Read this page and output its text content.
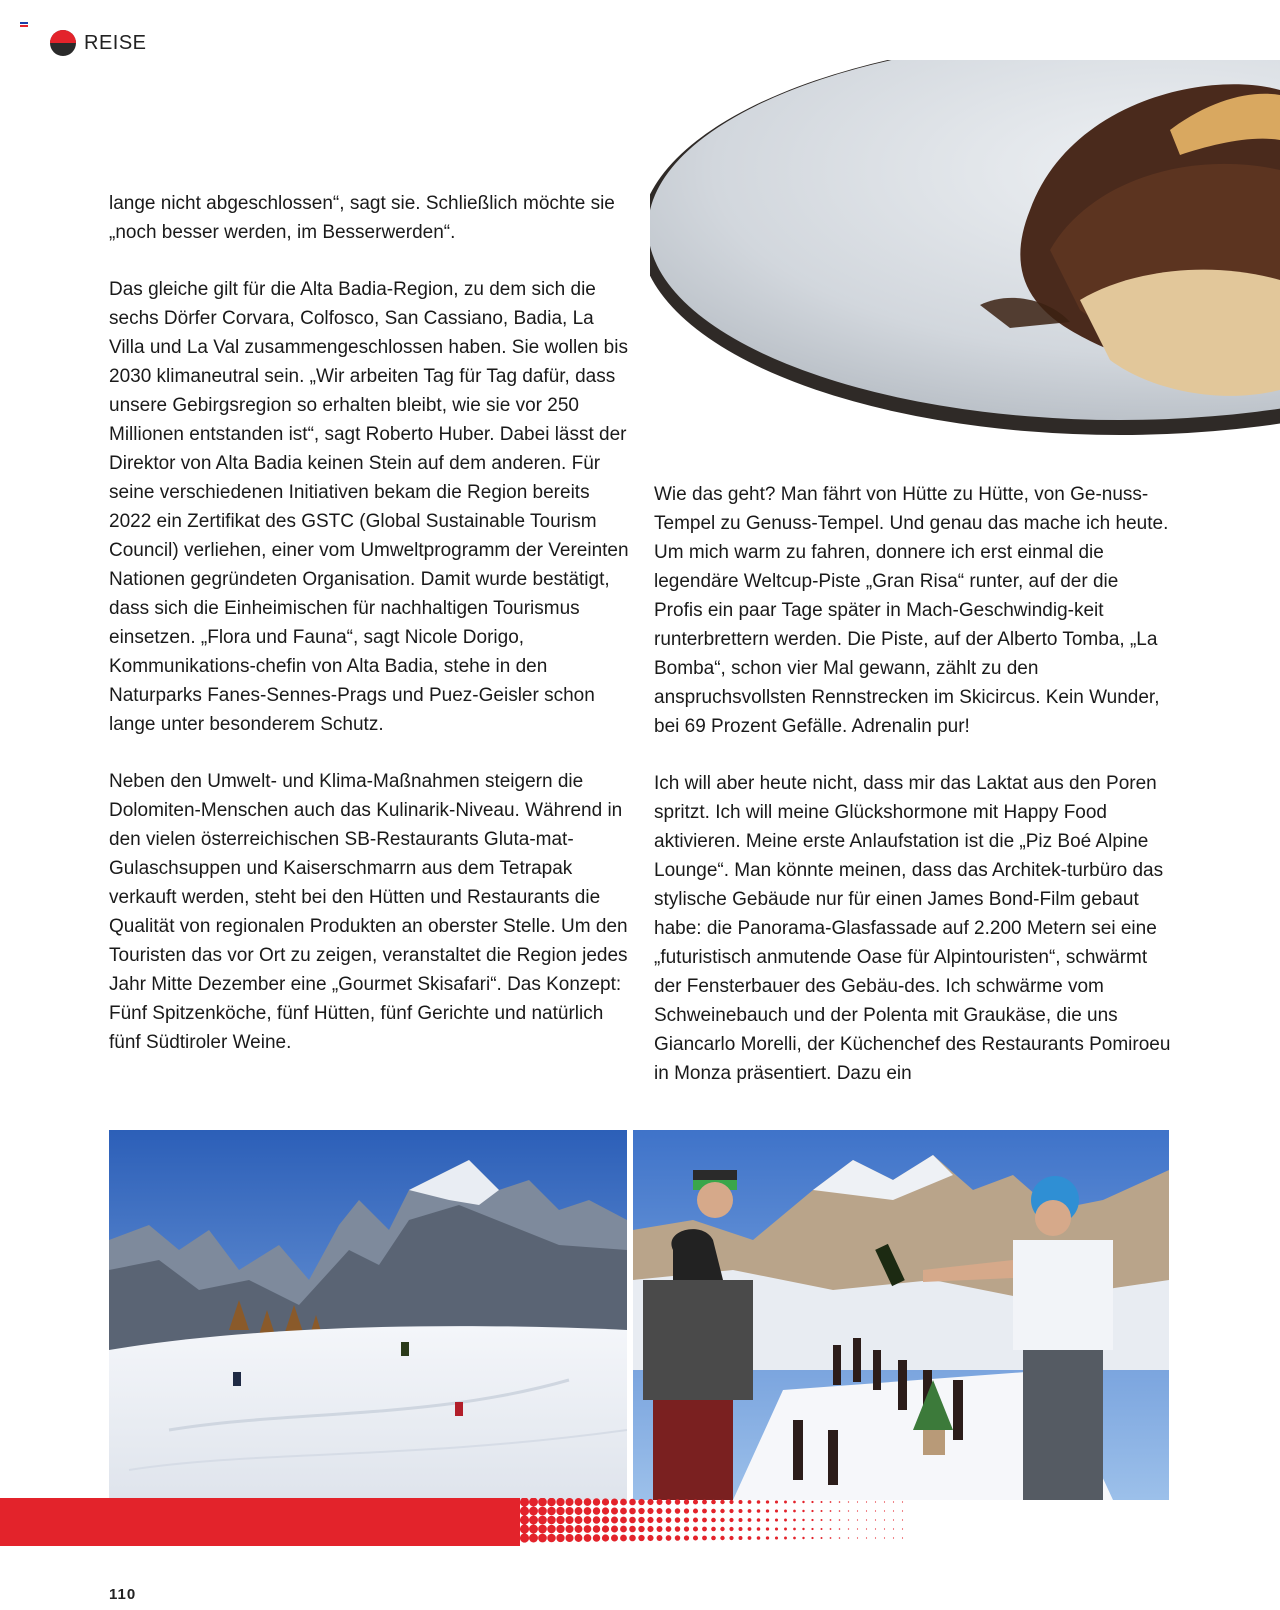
REISE

lange nicht abgeschlossen“, sagt sie. Schließlich möchte sie „noch besser werden, im Besserwerden“.

Das gleiche gilt für die Alta Badia-Region, zu dem sich die sechs Dörfer Corvara, Colfosco, San Cassiano, Badia, La Villa und La Val zusammengeschlossen haben. Sie wollen bis 2030 klimaneutral sein. „Wir arbeiten Tag für Tag dafür, dass unsere Gebirgsregion so erhalten bleibt, wie sie vor 250 Millionen entstanden ist“, sagt Roberto Huber. Dabei lässt der Direktor von Alta Badia keinen Stein auf dem anderen. Für seine verschiedenen Initiativen bekam die Region bereits 2022 ein Zertifikat des GSTC (Global Sustainable Tourism Council) verliehen, einer vom Umweltprogramm der Vereinten Nationen gegründeten Organisation. Damit wurde bestätigt, dass sich die Einheimischen für nachhaltigen Tourismus einsetzen. „Flora und Fauna“, sagt Nicole Dorigo, Kommunikations-chefin von Alta Badia, stehe in den Naturparks Fanes-Sennes-Prags und Puez-Geisler schon lange unter besonderem Schutz.

Neben den Umwelt- und Klima-Maßnahmen steigern die Dolomiten-Menschen auch das Kulinarik-Niveau. Während in den vielen österreichischen SB-Restaurants Gluta-mat-Gulaschsuppen und Kaiserschmarrn aus dem Tetrapak verkauft werden, steht bei den Hütten und Restaurants die Qualität von regionalen Produkten an oberster Stelle. Um den Touristen das vor Ort zu zeigen, veranstaltet die Region jedes Jahr Mitte Dezember eine „Gourmet Skisafari“. Das Konzept: Fünf Spitzenköche, fünf Hütten, fünf Gerichte und natürlich fünf Südtiroler Weine.

Wie das geht? Man fährt von Hütte zu Hütte, von Ge-nuss-Tempel zu Genuss-Tempel. Und genau das mache ich heute. Um mich warm zu fahren, donnere ich erst einmal die legendäre Weltcup-Piste „Gran Risa“ runter, auf der die Profis ein paar Tage später in Mach-Geschwindig-keit runterbrettern werden. Die Piste, auf der Alberto Tomba, „La Bomba“, schon vier Mal gewann, zählt zu den anspruchsvollsten Rennstrecken im Skicircus. Kein Wunder, bei 69 Prozent Gefälle. Adrenalin pur!

Ich will aber heute nicht, dass mir das Laktat aus den Poren spritzt. Ich will meine Glückshormone mit Happy Food aktivieren. Meine erste Anlaufstation ist die „Piz Boé Alpine Lounge“. Man könnte meinen, dass das Architek-turbüro das stylische Gebäude nur für einen James Bond-Film gebaut habe: die Panorama-Glasfassade auf 2.200 Metern sei eine „futuristisch anmutende Oase für Alpintouristen“, schwärmt der Fensterbauer des Gebäu-des. Ich schwärme vom Schweinebauch und der Polenta mit Graukäse, die uns Giancarlo Morelli, der Küchenchef des Restaurants Pomiroeu in Monza präsentiert. Dazu ein

110
